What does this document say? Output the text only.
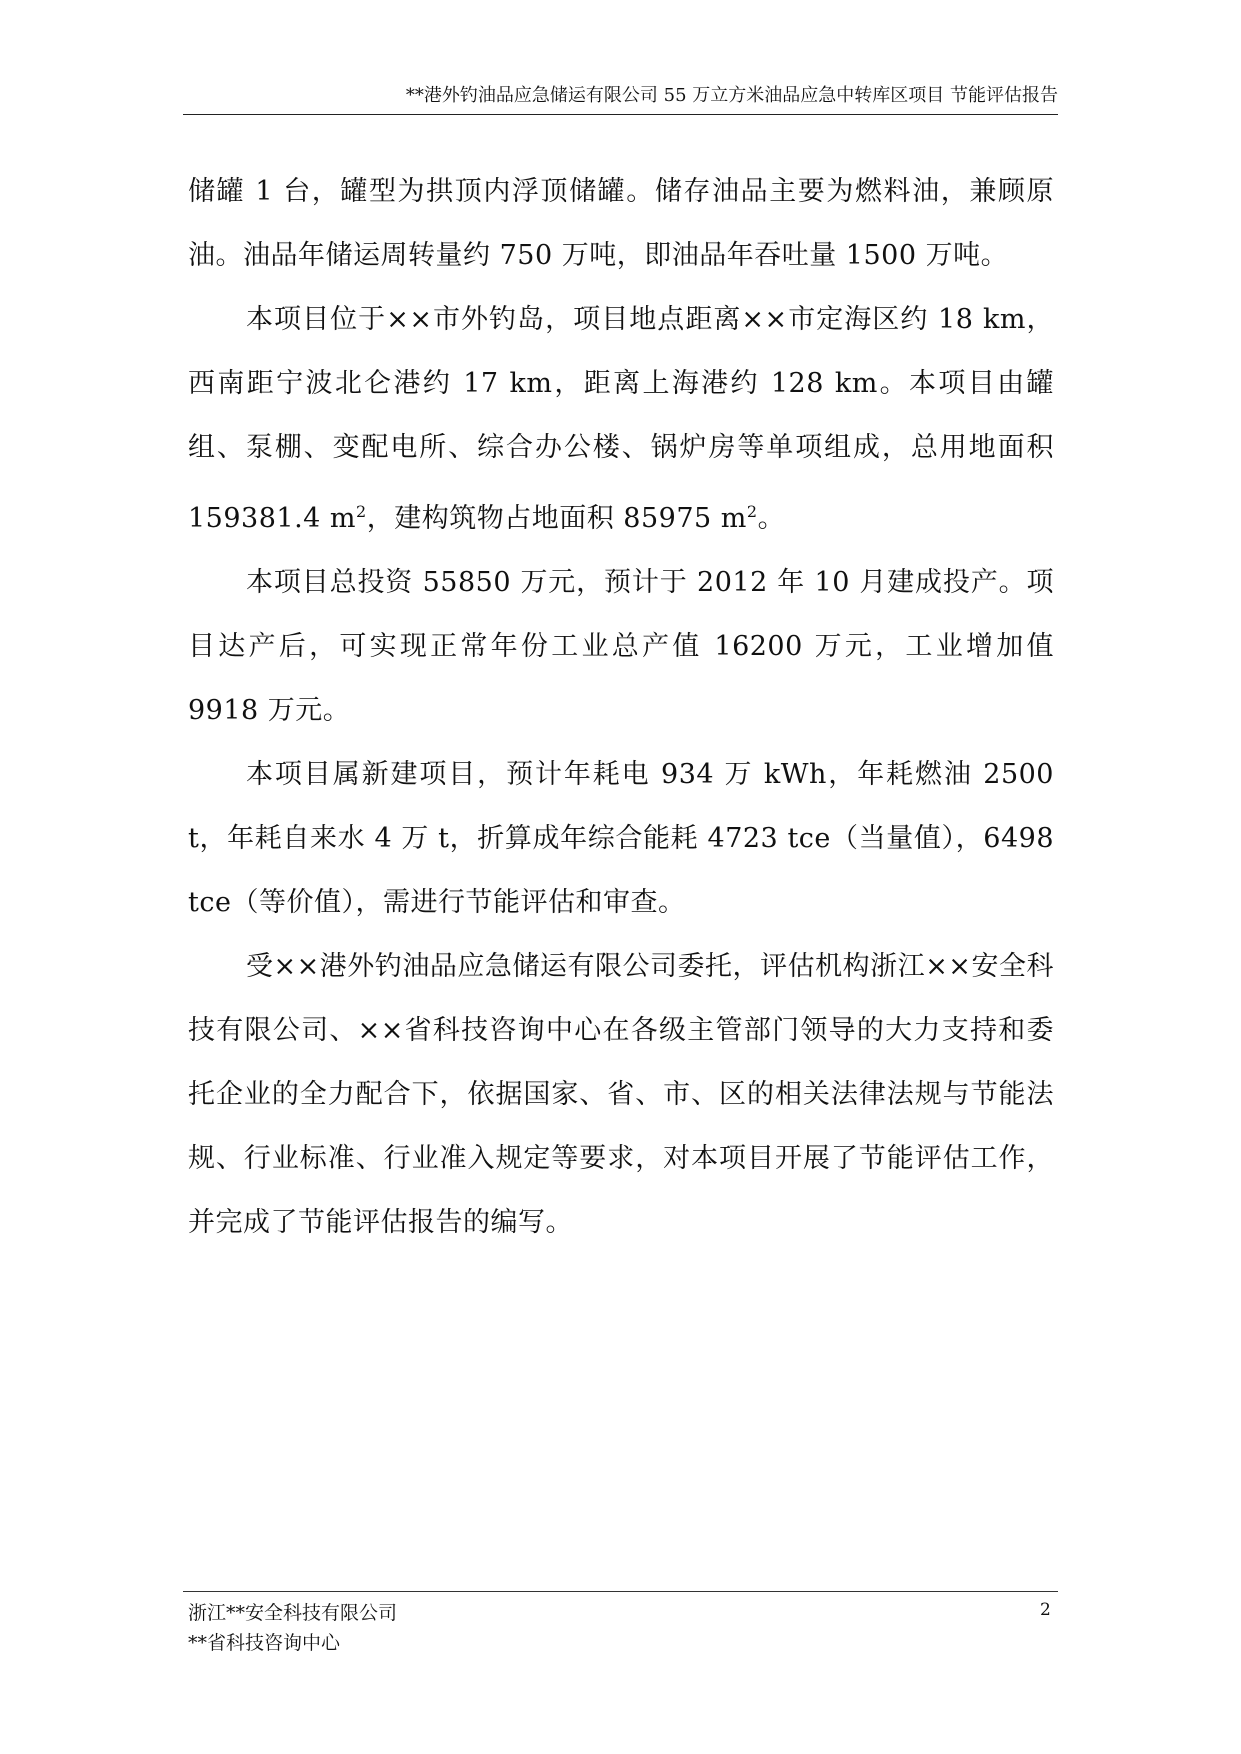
**港外钓油品应急储运有限公司 55 万立方米油品应急中转库区项目 节能评估报告

储罐 1 台，罐型为拱顶内浮顶储罐。储存油品主要为燃料油，兼顾原油。油品年储运周转量约 750 万吨，即油品年吞吐量 1500 万吨。

本项目位于××市外钓岛，项目地点距离××市定海区约 18 km，西南距宁波北仑港约 17 km，距离上海港约 128 km。本项目由罐组、泵棚、变配电所、综合办公楼、锅炉房等单项组成，总用地面积 159381.4 $m^2$，建构筑物占地面积 85975 $m^2$。

本项目总投资 55850 万元，预计于 2012 年 10 月建成投产。项目达产后，可实现正常年份工业总产值 16200 万元，工业增加值 9918 万元。

本项目属新建项目，预计年耗电 934 万 kWh，年耗燃油 2500 t，年耗自来水 4 万 t，折算成年综合能耗 4723 tce（当量值），6498 tce（等价值），需进行节能评估和审查。

受××港外钓油品应急储运有限公司委托，评估机构浙江××安全科技有限公司、××省科技咨询中心在各级主管部门领导的大力支持和委托企业的全力配合下，依据国家、省、市、区的相关法律法规与节能法规、行业标准、行业准入规定等要求，对本项目开展了节能评估工作，并完成了节能评估报告的编写。

浙江**安全科技有限公司
**省科技咨询中心
2
